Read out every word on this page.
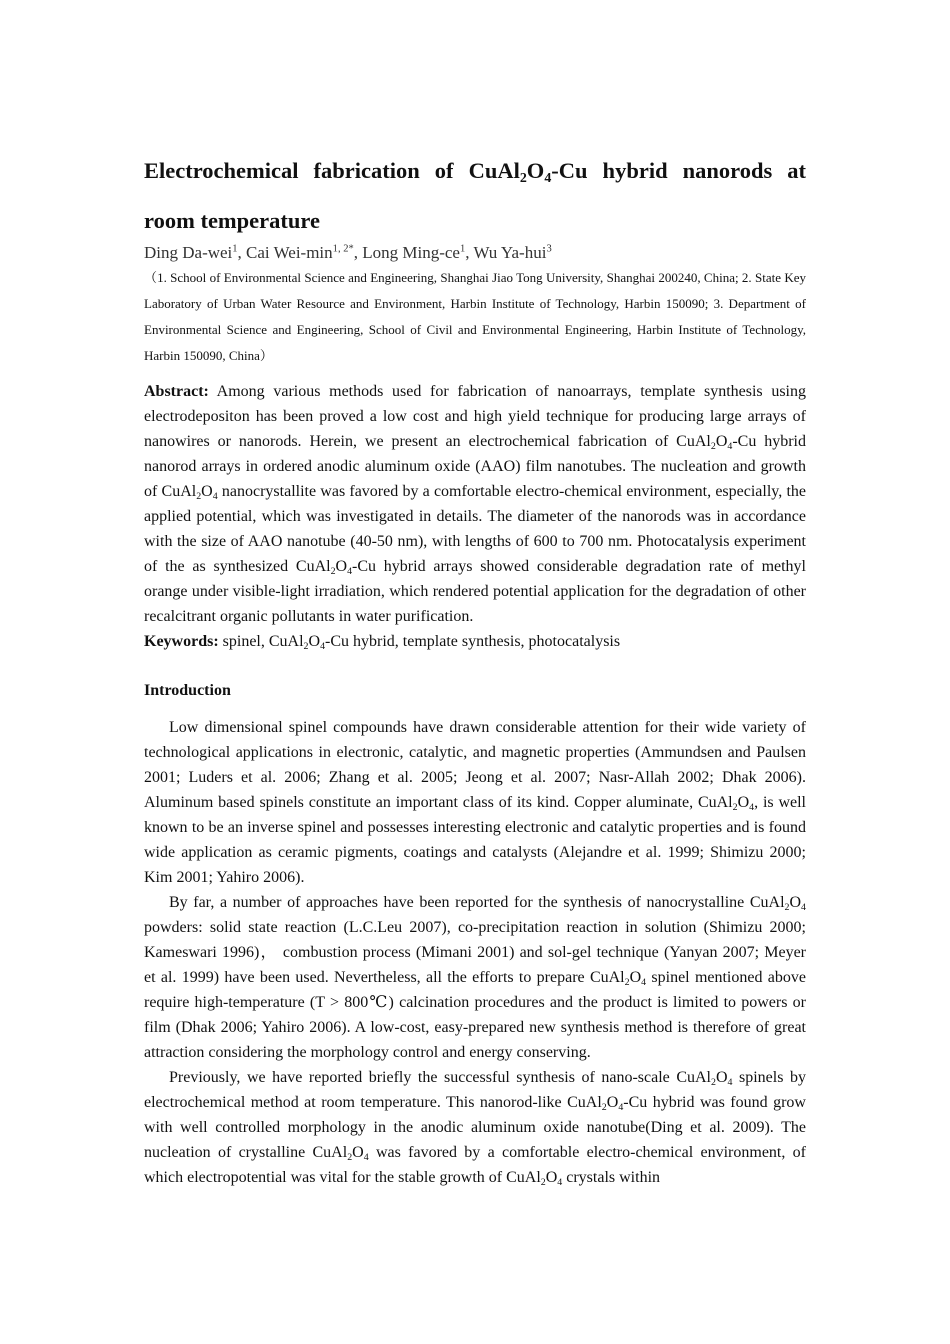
Electrochemical fabrication of $CuAl_2O_4-Cu$ hybrid nanorods at room temperature

Ding Da-wei$^1$, Cai Wei-$\min^{1, 2*}$, Long Ming-$ce^1$, Wu Ya-hui$^3$

（1. School of Environmental Science and Engineering, Shanghai Jiao Tong University, Shanghai 200240, China; 2. State Key Laboratory of Urban Water Resource and Environment, Harbin Institute of Technology, Harbin 150090; 3. Department of Environmental Science and Engineering, School of Civil and Environmental Engineering, Harbin Institute of Technology, Harbin 150090, China）

Abstract: Among various methods used for fabrication of nanoarrays, template synthesis using electrodepositon has been proved a low cost and high yield technique for producing large arrays of nanowires or nanorods. Herein, we present an electrochemical fabrication of $CuAl_2O_4-Cu$ hybrid nanorod arrays in ordered anodic aluminum oxide (AAO) film nanotubes. The nucleation and growth of $CuAl_2O_4$ nanocrystallite was favored by a comfortable electro-chemical environment, especially, the applied potential, which was investigated in details. The diameter of the nanorods was in accordance with the size of AAO nanotube (40-50 nm), with lengths of 600 to 700 nm. Photocatalysis experiment of the as synthesized $CuAl_2O_4-Cu$ hybrid arrays showed considerable degradation rate of methyl orange under visible-light irradiation, which rendered potential application for the degradation of other recalcitrant organic pollutants in water purification.

Keywords: spinel, $CuAl_2O_4-Cu$ hybrid, template synthesis, photocatalysis

Introduction

Low dimensional spinel compounds have drawn considerable attention for their wide variety of technological applications in electronic, catalytic, and magnetic properties (Ammundsen and Paulsen 2001; Luders et al. 2006; Zhang et al. 2005; Jeong et al. 2007; Nasr-Allah 2002; Dhak 2006). Aluminum based spinels constitute an important class of its kind. Copper aluminate, $CuAl_2O_4$, is well known to be an inverse spinel and possesses interesting electronic and catalytic properties and is found wide application as ceramic pigments, coatings and catalysts (Alejandre et al. 1999; Shimizu 2000; Kim 2001; Yahiro 2006).

By far, a number of approaches have been reported for the synthesis of nanocrystalline $CuAl_2O_4$ powders: solid state reaction (L.C.Leu 2007), co-precipitation reaction in solution (Shimizu 2000; Kameswari 1996)， combustion process (Mimani 2001) and sol-gel technique (Yanyan 2007; Meyer et al. 1999) have been used. Nevertheless, all the efforts to prepare $CuAl_2O_4$ spinel mentioned above require high-temperature (T > 800℃) calcination procedures and the product is limited to powers or film (Dhak 2006; Yahiro 2006). A low-cost, easy-prepared new synthesis method is therefore of great attraction considering the morphology control and energy conserving.

Previously, we have reported briefly the successful synthesis of nano-scale $CuAl_2O_4$ spinels by electrochemical method at room temperature. This nanorod-like $CuAl_2O_4-Cu$ hybrid was found grow with well controlled morphology in the anodic aluminum oxide nanotube(Ding et al. 2009). The nucleation of crystalline $CuAl_2O_4$ was favored by a comfortable electro-chemical environment, of which electropotential was vital for the stable growth of $CuAl_2O_4$ crystals within
